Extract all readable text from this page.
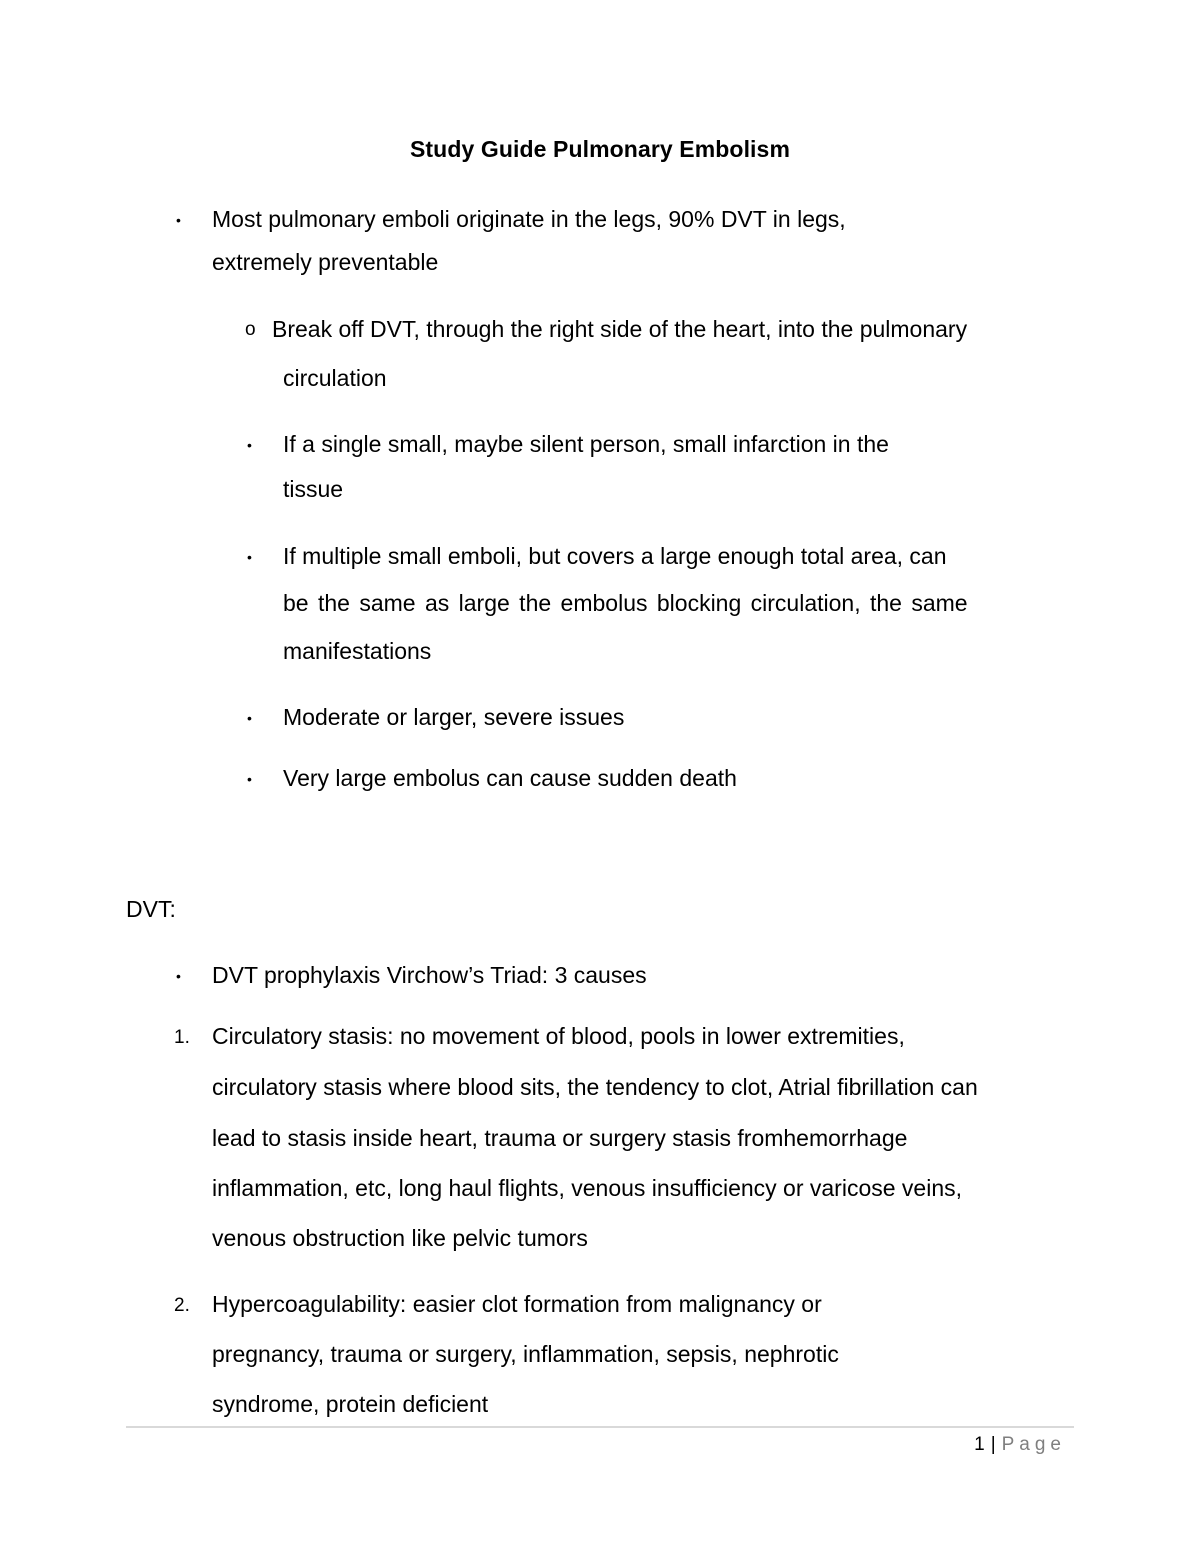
Study Guide Pulmonary Embolism
• Most pulmonary emboli originate in the legs, 90% DVT in legs,
extremely preventable
o Break off DVT, through the right side of the heart, into the pulmonary
circulation
• If a single small, maybe silent person, small infarction in the
tissue
• If multiple small emboli, but covers a large enough total area, can
be the same as large the embolus blocking circulation, the same
manifestations
• Moderate or larger, severe issues
• Very large embolus can cause sudden death
DVT:
• DVT prophylaxis Virchow’s Triad: 3 causes
1. Circulatory stasis: no movement of blood, pools in lower extremities,
circulatory stasis where blood sits, the tendency to clot, Atrial fibrillation can
lead to stasis inside heart, trauma or surgery stasis fromhemorrhage
inflammation, etc, long haul flights, venous insufficiency or varicose veins,
venous obstruction like pelvic tumors
2. Hypercoagulability: easier clot formation from malignancy or
pregnancy, trauma or surgery, inflammation, sepsis, nephrotic
syndrome, protein deficient
1 | Page
